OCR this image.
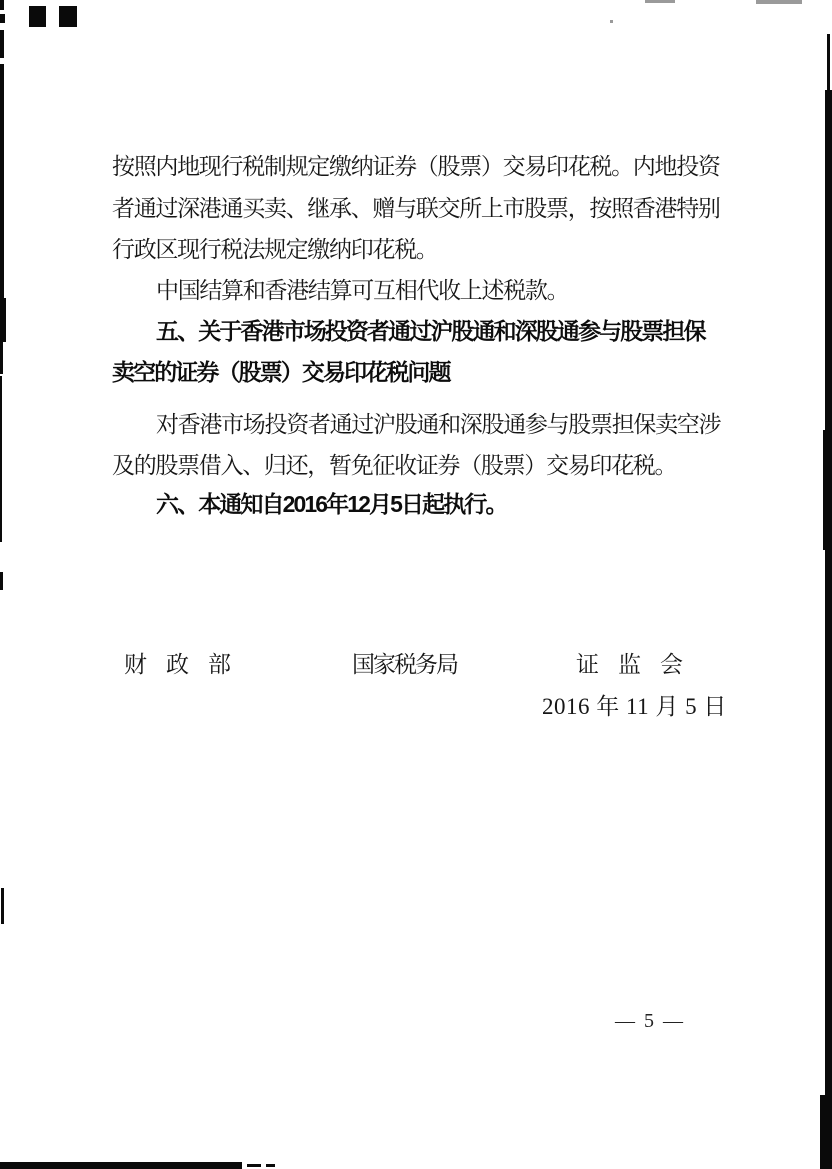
按照内地现行税制规定缴纳证券（股票）交易印花税。内地投资
者通过深港通买卖、继承、赠与联交所上市股票，按照香港特别
行政区现行税法规定缴纳印花税。
中国结算和香港结算可互相代收上述税款。
五、关于香港市场投资者通过沪股通和深股通参与股票担保
卖空的证券（股票）交易印花税问题
对香港市场投资者通过沪股通和深股通参与股票担保卖空涉
及的股票借入、归还，暂免征收证券（股票）交易印花税。
六、本通知自2016年12月5日起执行。
财　政　部	国家税务局	证　监　会
2016 年 11 月 5 日
— 5 —
